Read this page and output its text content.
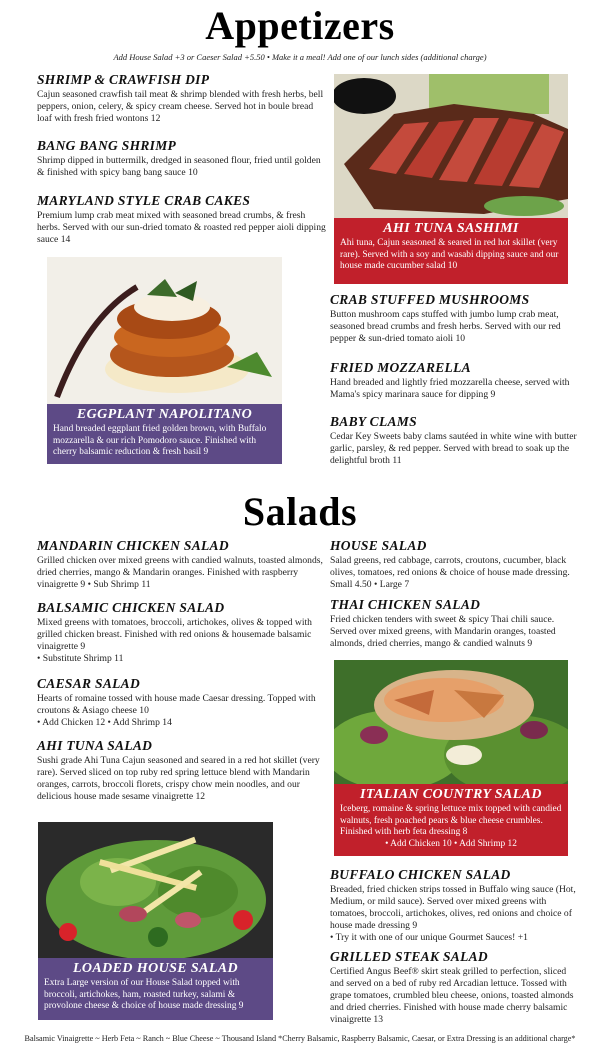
Appetizers
Add House Salad +3 or Caeser Salad +5.50 • Make it a meal! Add one of our lunch sides (additional charge)
SHRIMP & CRAWFISH DIP

Cajun seasoned crawfish tail meat & shrimp blended with fresh herbs, bell peppers, onion, celery, & spicy cream cheese. Served hot in boule bread loaf with fresh fried wontons 12

BANG BANG SHRIMP

Shrimp dipped in buttermilk, dredged in seasoned flour, fried until golden & finished with spicy bang bang sauce 10

MARYLAND STYLE CRAB CAKES

Premium lump crab meat mixed with seasoned bread crumbs, & fresh herbs. Served with our sun-dried tomato & roasted red pepper aioli dipping sauce 14

AHI TUNA SASHIMI

Ahi tuna, Cajun seasoned & seared in red hot skillet (very rare). Served with a soy and wasabi dipping sauce and our house made cucumber salad 10

CRAB STUFFED MUSHROOMS

Button mushroom caps stuffed with jumbo lump crab meat, seasoned bread crumbs and fresh herbs. Served with our red pepper & sun-dried tomato aioli 10

FRIED MOZZARELLA

Hand breaded and lightly fried mozzarella cheese, served with Mama's spicy marinara sauce for dipping 9

BABY CLAMS

Cedar Key Sweets baby clams sautéed in white wine with butter garlic, parsley, & red pepper. Served with bread to soak up the delightful broth 11

EGGPLANT NAPOLITANO

Hand breaded eggplant fried golden brown, with Buffalo mozzarella & our rich Pomodoro sauce. Finished with cherry balsamic reduction & fresh basil 9

Salads
MANDARIN CHICKEN SALAD

Grilled chicken over mixed greens with candied walnuts, toasted almonds, dried cherries, mango & Mandarin oranges. Finished with raspberry vinaigrette 9 • Sub Shrimp 11

BALSAMIC CHICKEN SALAD

Mixed greens with tomatoes, broccoli, artichokes, olives & topped with grilled chicken breast. Finished with red onions & housemade balsamic vinaigrette 9

• Substitute Shrimp 11
CAESAR SALAD

Hearts of romaine tossed with house made Caesar dressing. Topped with croutons & Asiago cheese 10

• Add Chicken 12 • Add Shrimp 14
AHI TUNA SALAD

Sushi grade Ahi Tuna Cajun seasoned and seared in a red hot skillet (very rare). Served sliced on top ruby red spring lettuce blend with Mandarin oranges, carrots, broccoli florets, crispy chow mein noodles, and our delicious house made sesame vinaigrette 12

LOADED HOUSE SALAD

Extra Large version of our House Salad topped with broccoli, artichokes, ham, roasted turkey, salami & provolone cheese & choice of house made dressing 9

HOUSE SALAD

Salad greens, red cabbage, carrots, croutons, cucumber, black olives, tomatoes, red onions & choice of house made dressing. Small 4.50 • Large 7

THAI CHICKEN SALAD

Fried chicken tenders with sweet & spicy Thai chili sauce. Served over mixed greens, with Mandarin oranges, toasted almonds, dried cherries, mango & candied walnuts 9

ITALIAN COUNTRY SALAD

Iceberg, romaine & spring lettuce mix topped with candied walnuts, fresh poached pears & blue cheese crumbles. Finished with herb feta dressing 8

• Add Chicken 10 • Add Shrimp 12

BUFFALO CHICKEN SALAD

Breaded, fried chicken strips tossed in Buffalo wing sauce (Hot, Medium, or mild sauce). Served over mixed greens with tomatoes, broccoli, artichokes, olives, red onions and choice of house made dressing 9

• Try it with one of our unique Gourmet Sauces! +1
GRILLED STEAK SALAD

Certified Angus Beef® skirt steak grilled to perfection, sliced and served on a bed of ruby red Arcadian lettuce. Tossed with grape tomatoes, crumbled bleu cheese, onions, toasted almonds and dried cherries. Finished with house made cherry balsamic vinaigrette 13

Balsamic Vinaigrette ~ Herb Feta ~ Ranch ~ Blue Cheese ~ Thousand Island *Cherry Balsamic, Raspberry Balsamic, Caesar, or Extra Dressing is an additional charge*
